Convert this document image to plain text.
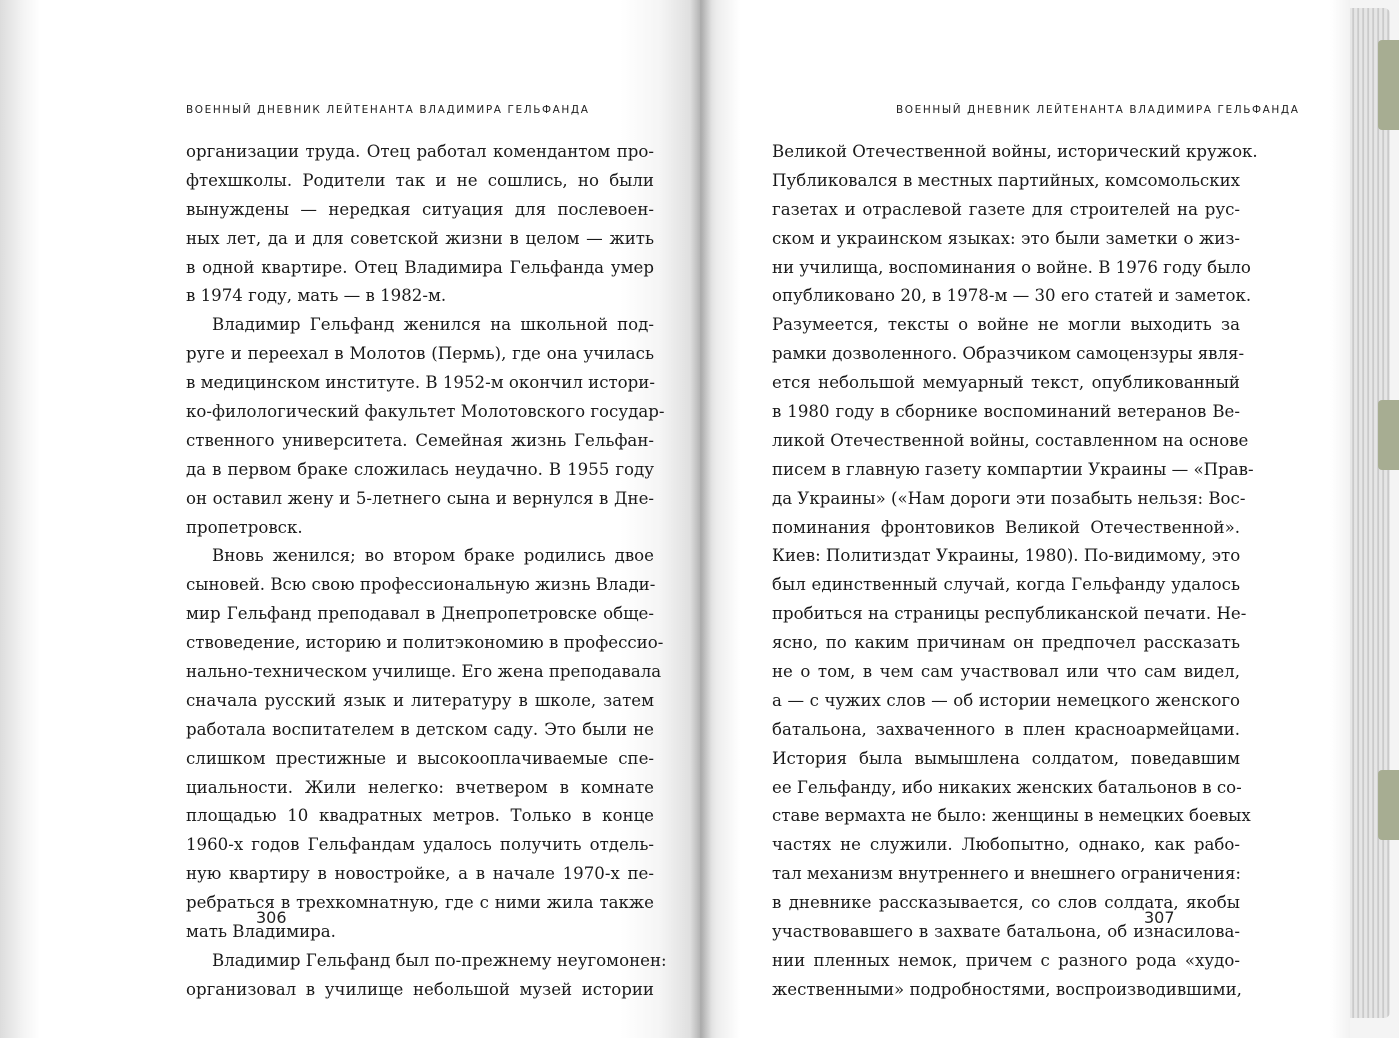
ВОЕННЫЙ ДНЕВНИК ЛЕЙТЕНАНТА ВЛАДИМИРА ГЕЛЬФАНДА
организации труда. Отец работал комендантом про-
фтехшколы. Родители так и не сошлись, но были
вынуждены — нередкая ситуация для послевоен-
ных лет, да и для советской жизни в целом — жить
в одной квартире. Отец Владимира Гельфанда умер
в 1974 году, мать — в 1982-м.
Владимир Гельфанд женился на школьной под-
руге и переехал в Молотов (Пермь), где она училась
в медицинском институте. В 1952-м окончил истори-
ко-филологический факультет Молотовского государ-
ственного университета. Семейная жизнь Гельфан-
да в первом браке сложилась неудачно. В 1955 году
он оставил жену и 5-летнего сына и вернулся в Дне-
пропетровск.
Вновь женился; во втором браке родились двое
сыновей. Всю свою профессиональную жизнь Влади-
мир Гельфанд преподавал в Днепропетровске обще-
ствоведение, историю и политэкономию в профессио-
нально-техническом училище. Его жена преподавала
сначала русский язык и литературу в школе, затем
работала воспитателем в детском саду. Это были не
слишком престижные и высокооплачиваемые спе-
циальности. Жили нелегко: вчетвером в комнате
площадью 10 квадратных метров. Только в конце
1960-х годов Гельфандам удалось получить отдель-
ную квартиру в новостройке, а в начале 1970-х пе-
ребраться в трехкомнатную, где с ними жила также
мать Владимира.
Владимир Гельфанд был по-прежнему неугомонен:
организовал в училище небольшой музей истории
306
ВОЕННЫЙ ДНЕВНИК ЛЕЙТЕНАНТА ВЛАДИМИРА ГЕЛЬФАНДА
Великой Отечественной войны, исторический кружок.
Публиковался в местных партийных, комсомольских
газетах и отраслевой газете для строителей на рус-
ском и украинском языках: это были заметки о жиз-
ни училища, воспоминания о войне. В 1976 году было
опубликовано 20, в 1978-м — 30 его статей и заметок.
Разумеется, тексты о войне не могли выходить за
рамки дозволенного. Образчиком самоцензуры явля-
ется небольшой мемуарный текст, опубликованный
в 1980 году в сборнике воспоминаний ветеранов Ве-
ликой Отечественной войны, составленном на основе
писем в главную газету компартии Украины — «Прав-
да Украины» («Нам дороги эти позабыть нельзя: Вос-
поминания фронтовиков Великой Отечественной».
Киев: Политиздат Украины, 1980). По-видимому, это
был единственный случай, когда Гельфанду удалось
пробиться на страницы республиканской печати. Не-
ясно, по каким причинам он предпочел рассказать
не о том, в чем сам участвовал или что сам видел,
а — с чужих слов — об истории немецкого женского
батальона, захваченного в плен красноармейцами.
История была вымышлена солдатом, поведавшим
ее Гельфанду, ибо никаких женских батальонов в со-
ставе вермахта не было: женщины в немецких боевых
частях не служили. Любопытно, однако, как рабо-
тал механизм внутреннего и внешнего ограничения:
в дневнике рассказывается, со слов солдата, якобы
участвовавшего в захвате батальона, об изнасилова-
нии пленных немок, причем с разного рода «худо-
жественными» подробностями, воспроизводившими,
307
